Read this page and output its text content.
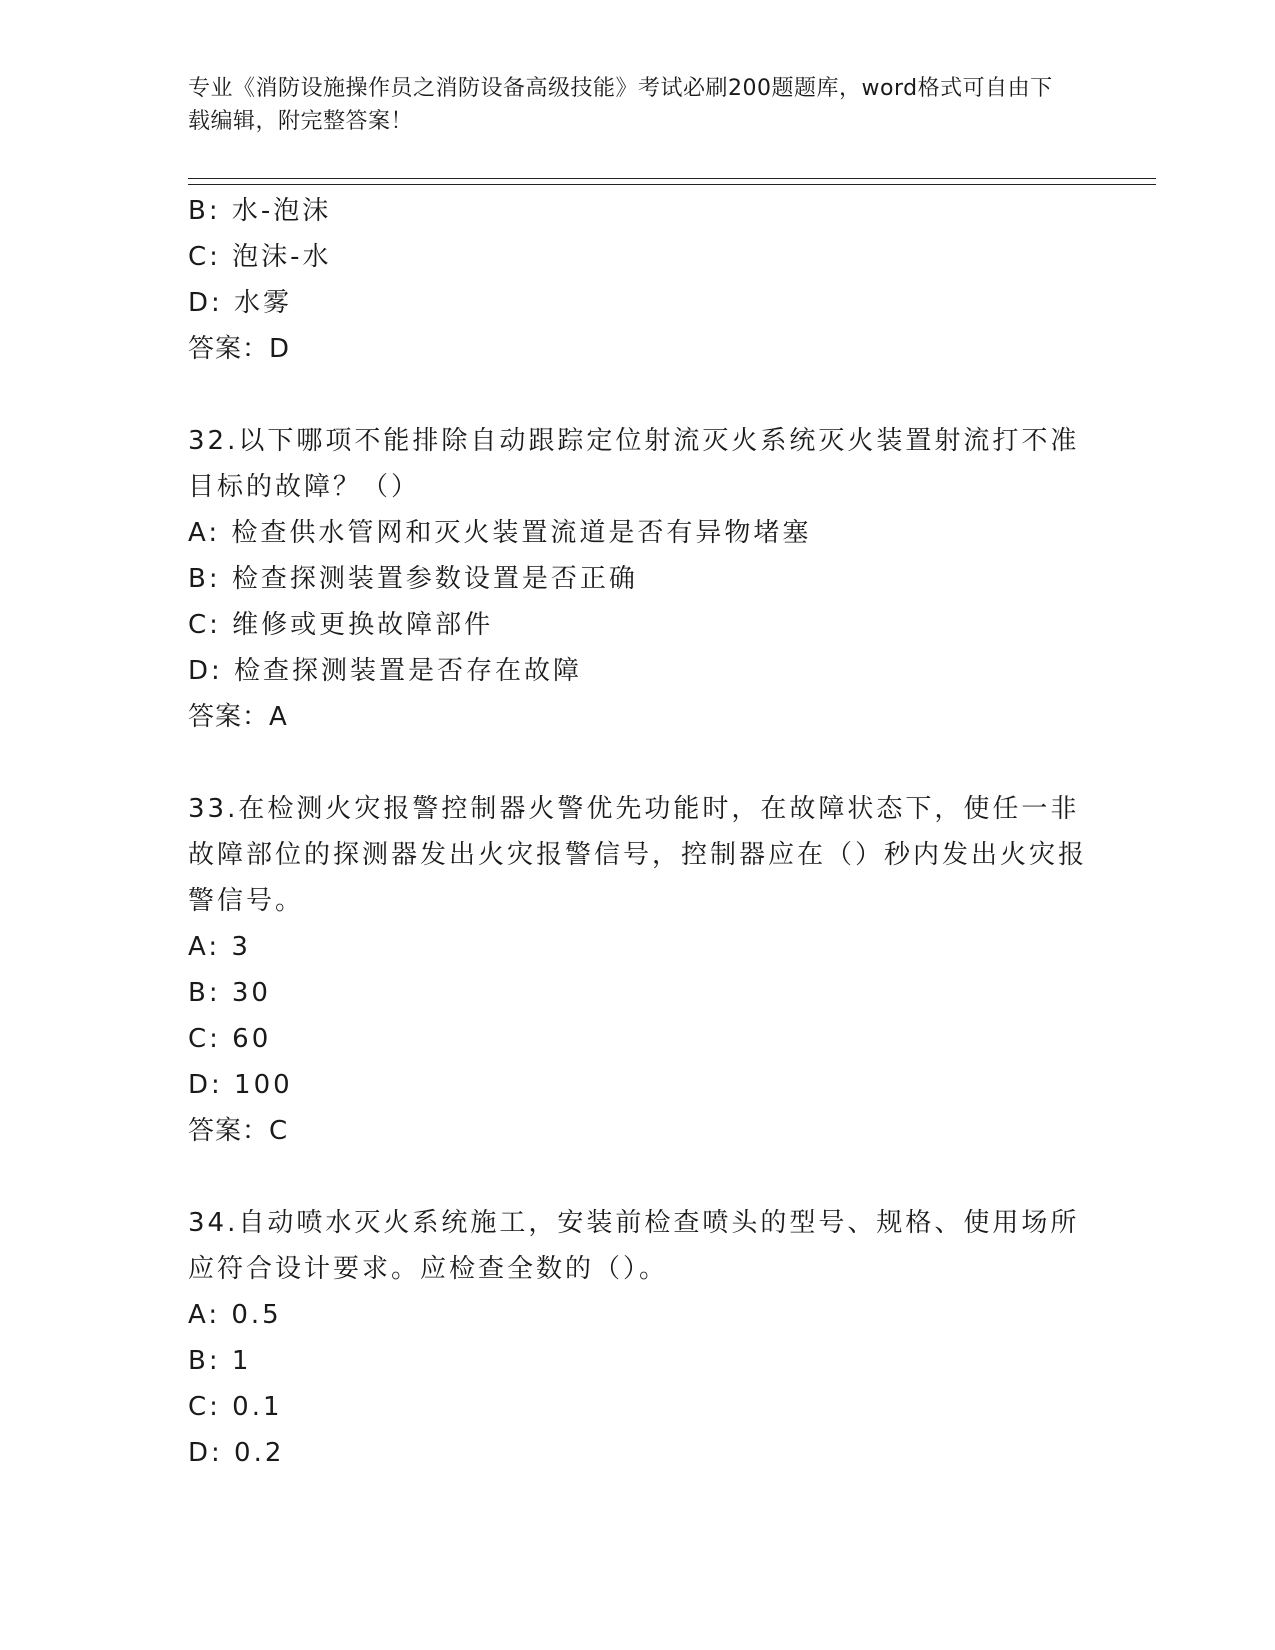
专业《消防设施操作员之消防设备高级技能》考试必刷200题题库，word格式可自由下载编辑，附完整答案！
B: 水-泡沫
C: 泡沫-水
D: 水雾
答案：D
32.以下哪项不能排除自动跟踪定位射流灭火系统灭火装置射流打不准目标的故障？（）
A: 检查供水管网和灭火装置流道是否有异物堵塞
B: 检查探测装置参数设置是否正确
C: 维修或更换故障部件
D: 检查探测装置是否存在故障
答案：A
33.在检测火灾报警控制器火警优先功能时，在故障状态下，使任一非故障部位的探测器发出火灾报警信号，控制器应在（）秒内发出火灾报警信号。
A: 3
B: 30
C: 60
D: 100
答案：C
34.自动喷水灭火系统施工，安装前检查喷头的型号、规格、使用场所应符合设计要求。应检查全数的（）。
A: 0.5
B: 1
C: 0.1
D: 0.2
